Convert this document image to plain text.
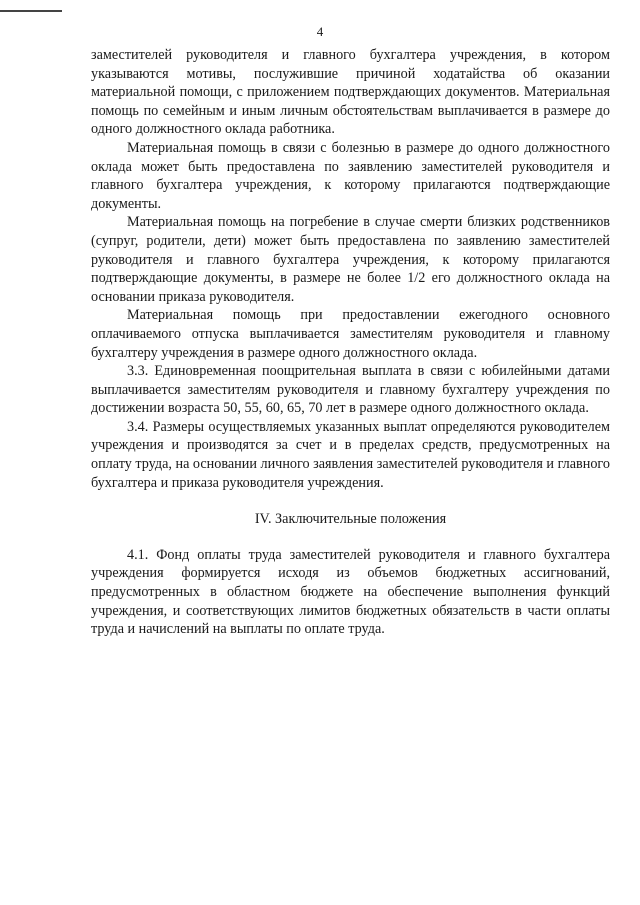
4

заместителей руководителя и главного бухгалтера учреждения, в котором указываются мотивы, послужившие причиной ходатайства об оказании материальной помощи, с приложением подтверждающих документов. Материальная помощь по семейным и иным личным обстоятельствам выплачивается в размере до одного должностного оклада работника.

Материальная помощь в связи с болезнью в размере до одного должностного оклада может быть предоставлена по заявлению заместителей руководителя и главного бухгалтера учреждения, к которому прилагаются подтверждающие документы.

Материальная помощь на погребение в случае смерти близких родственников (супруг, родители, дети) может быть предоставлена по заявлению заместителей руководителя и главного бухгалтера учреждения, к которому прилагаются подтверждающие документы, в размере не более 1/2 его должностного оклада на основании приказа руководителя.

Материальная помощь при предоставлении ежегодного основного оплачиваемого отпуска выплачивается заместителям руководителя и главному бухгалтеру учреждения в размере одного должностного оклада.

3.3. Единовременная поощрительная выплата в связи с юбилейными датами выплачивается заместителям руководителя и главному бухгалтеру учреждения по достижении возраста 50, 55, 60, 65, 70 лет в размере одного должностного оклада.

3.4. Размеры осуществляемых указанных выплат определяются руководителем учреждения и производятся за счет и в пределах средств, предусмотренных на оплату труда, на основании личного заявления заместителей руководителя и главного бухгалтера и приказа руководителя учреждения.

IV. Заключительные положения

4.1. Фонд оплаты труда заместителей руководителя и главного бухгалтера учреждения формируется исходя из объемов бюджетных ассигнований, предусмотренных в областном бюджете на обеспечение выполнения функций учреждения, и соответствующих лимитов бюджетных обязательств в части оплаты труда и начислений на выплаты по оплате труда.
